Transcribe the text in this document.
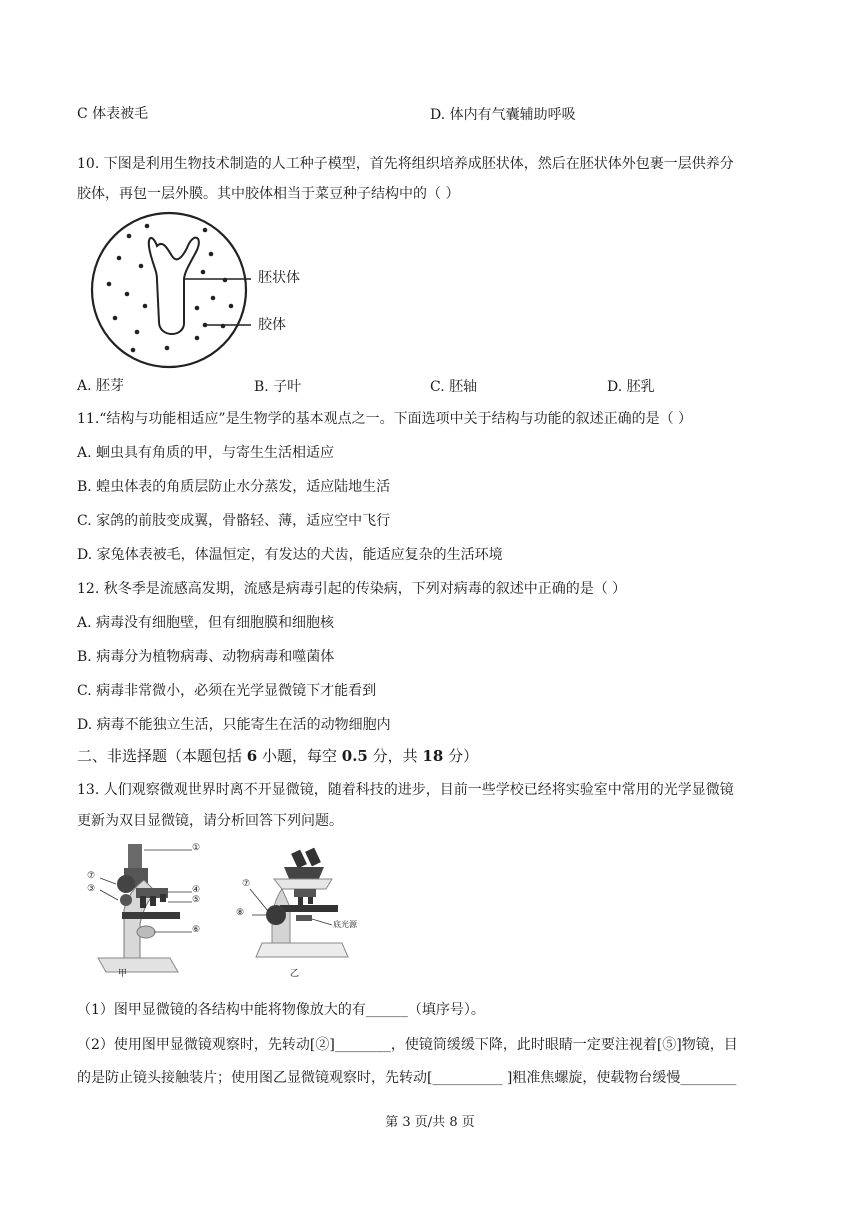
C 体表被毛	D. 体内有气囊辅助呼吸
10. 下图是利用生物技术制造的人工种子模型，首先将组织培养成胚状体，然后在胚状体外包裹一层供养分
胶体，再包一层外膜。其中胶体相当于菜豆种子结构中的（ ）
胚状体
胶体
A. 胚芽	B. 子叶	C. 胚轴	D. 胚乳
11.“结构与功能相适应”是生物学的基本观点之一。下面选项中关于结构与功能的叙述正确的是（ ）
A. 蛔虫具有角质的甲，与寄生生活相适应
B. 蝗虫体表的角质层防止水分蒸发，适应陆地生活
C. 家鸽的前肢变成翼，骨骼轻、薄，适应空中飞行
D. 家兔体表被毛，体温恒定，有发达的犬齿，能适应复杂的生活环境
12. 秋冬季是流感高发期，流感是病毒引起的传染病，下列对病毒的叙述中正确的是（ ）
A. 病毒没有细胞壁，但有细胞膜和细胞核
B. 病毒分为植物病毒、动物病毒和噬菌体
C. 病毒非常微小，必须在光学显微镜下才能看到
D. 病毒不能独立生活，只能寄生在活的动物细胞内
二、非选择题（本题包括 6 小题，每空 0.5 分，共 18 分）
13. 人们观察微观世界时离不开显微镜，随着科技的进步，目前一些学校已经将实验室中常用的光学显微镜
更新为双目显微镜，请分析回答下列问题。
①
⑦
③	④
⑤
⑥
甲
⑦
⑧
底光源
乙
（1）图甲显微镜的各结构中能将物像放大的有______（填序号）。
（2）使用图甲显微镜观察时，先转动[②]________，使镜筒缓缓下降，此时眼睛一定要注视着[⑤]物镜，目
的是防止镜头接触装片；使用图乙显微镜观察时，先转动[__________ ]粗准焦螺旋，使载物台缓慢________
第 3 页/共 8 页
